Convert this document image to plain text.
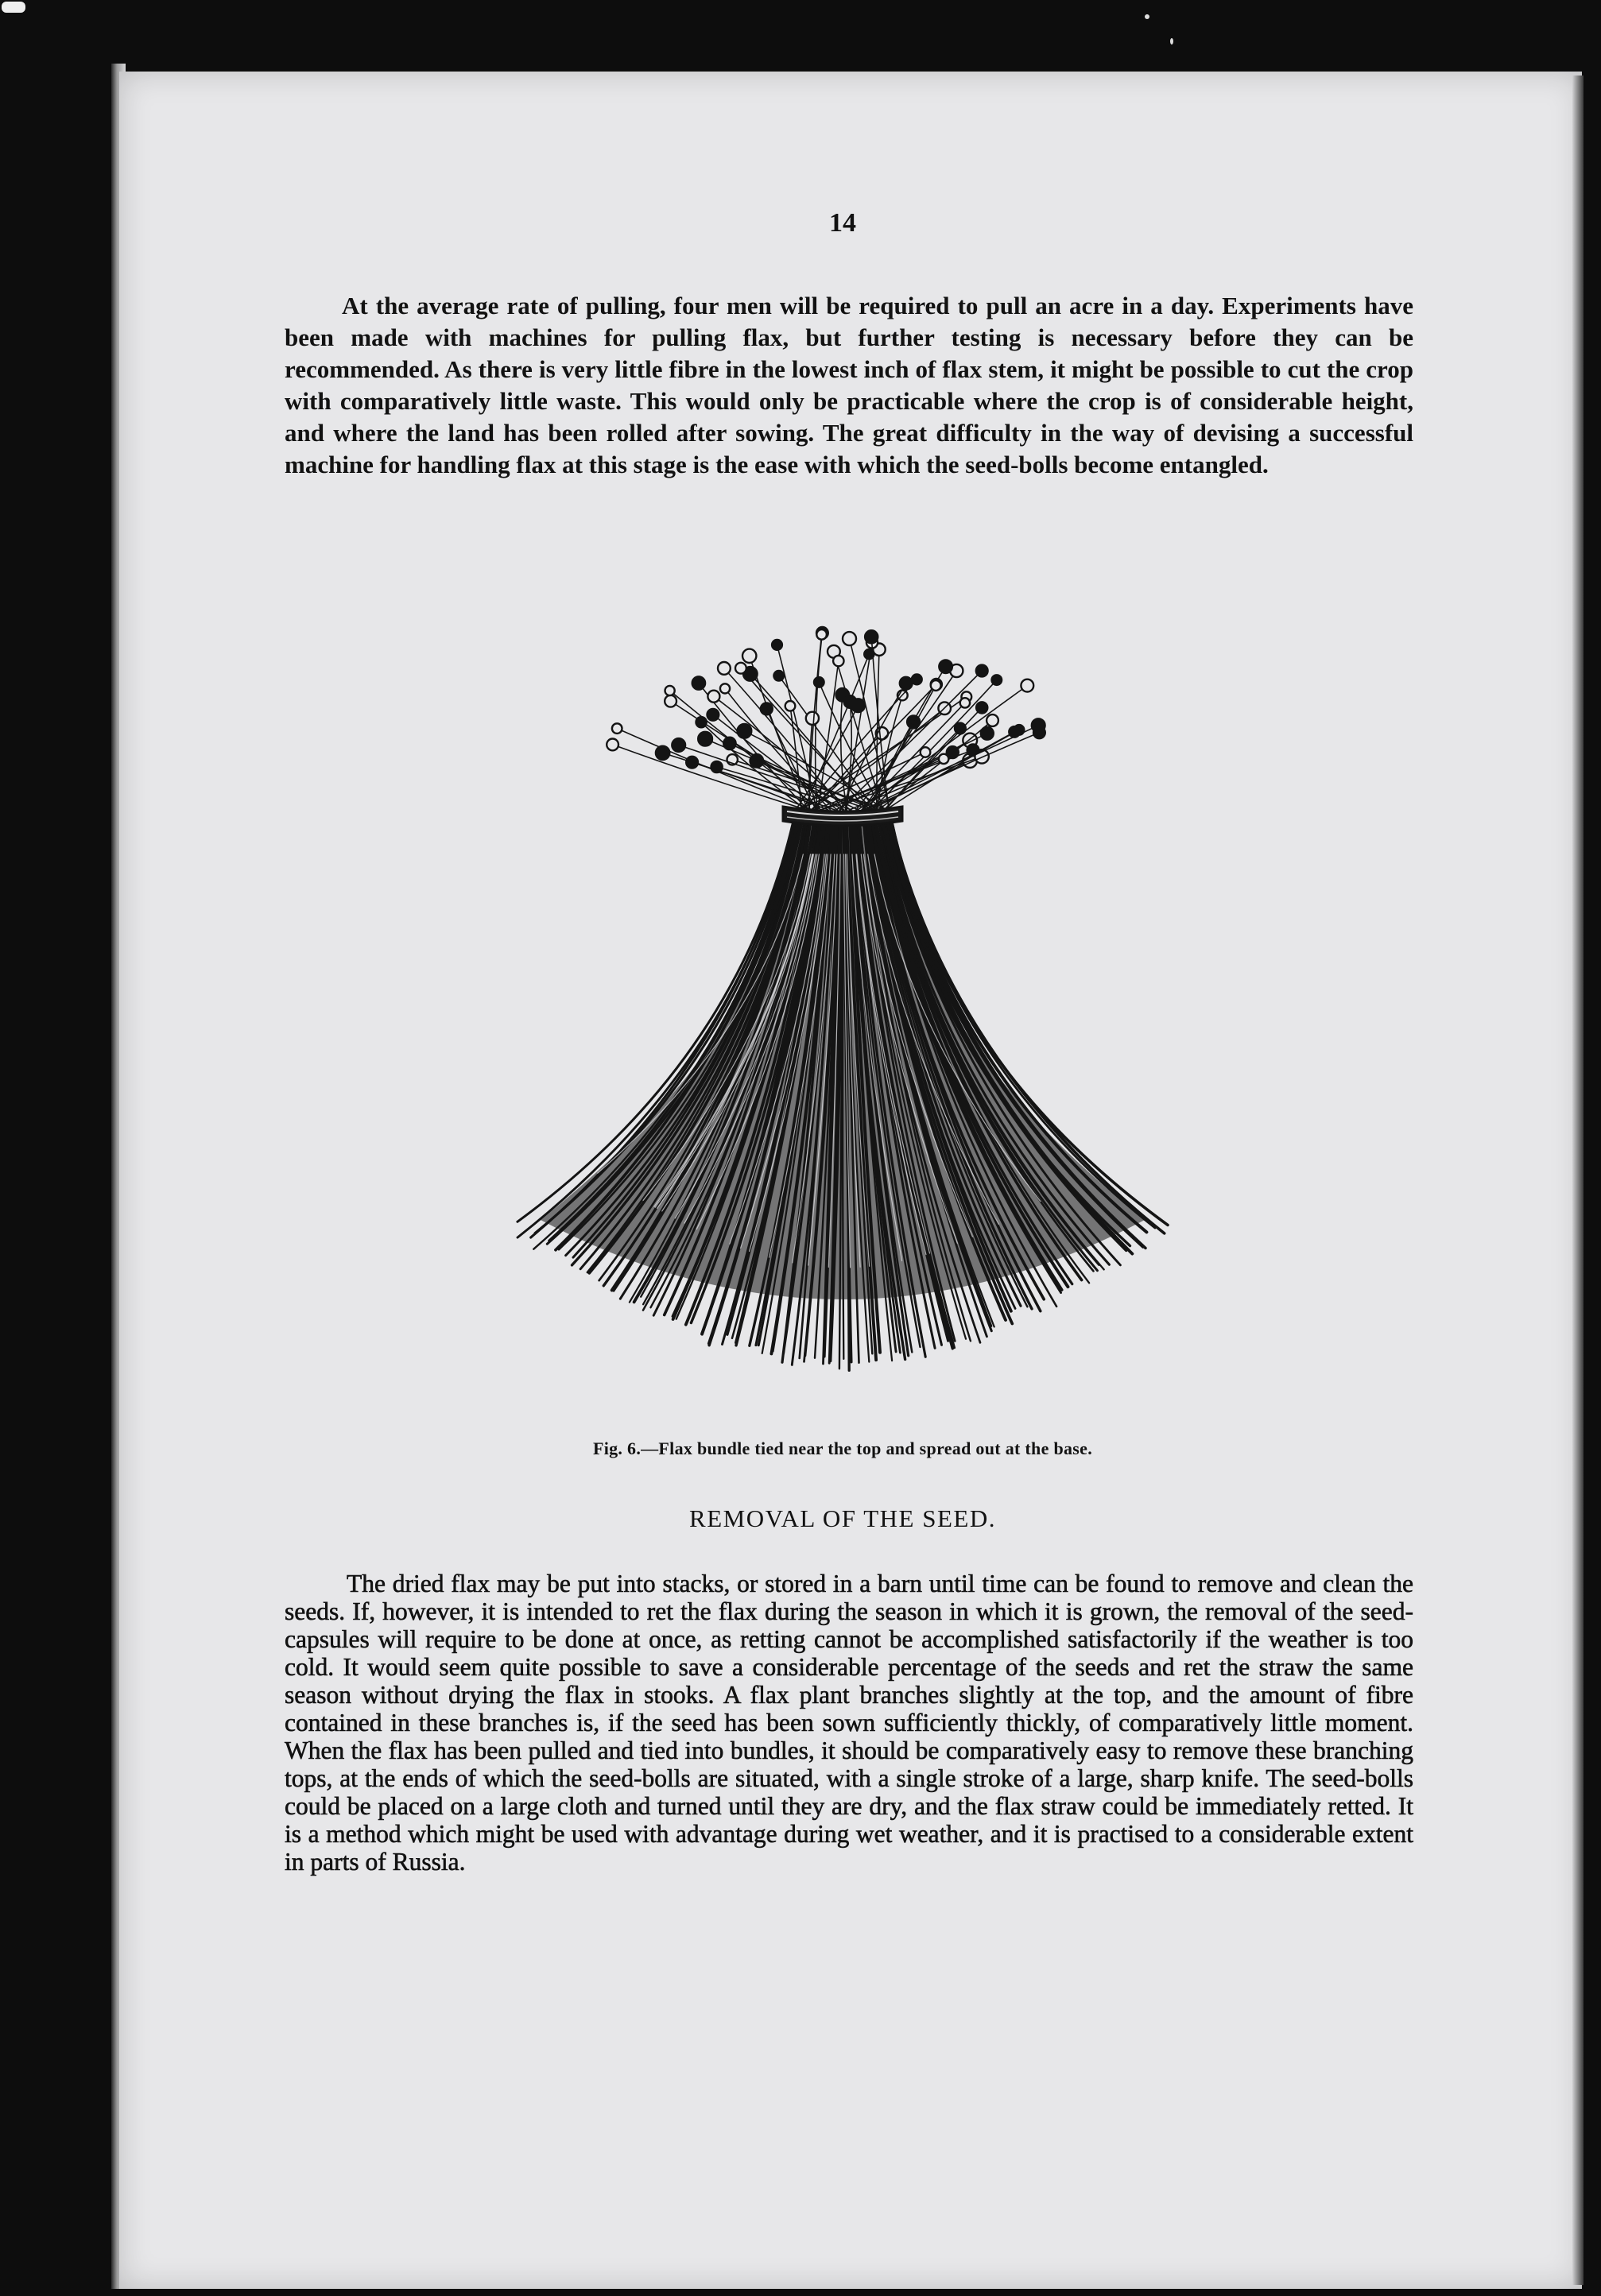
14

At the average rate of pulling, four men will be required to pull an acre in a day. Experiments have been made with machines for pulling flax, but further testing is necessary before they can be recommended. As there is very little fibre in the lowest inch of flax stem, it might be possible to cut the crop with comparatively little waste. This would only be practicable where the crop is of considerable height, and where the land has been rolled after sowing. The great difficulty in the way of devising a successful machine for handling flax at this stage is the ease with which the seed-bolls become entangled.

Fig. 6.—Flax bundle tied near the top and spread out at the base.
REMOVAL OF THE SEED.

The dried flax may be put into stacks, or stored in a barn until time can be found to remove and clean the seeds. If, however, it is intended to ret the flax during the season in which it is grown, the removal of the seed-capsules will require to be done at once, as retting cannot be accomplished satisfactorily if the weather is too cold. It would seem quite possible to save a considerable percentage of the seeds and ret the straw the same season without drying the flax in stooks. A flax plant branches slightly at the top, and the amount of fibre contained in these branches is, if the seed has been sown sufficiently thickly, of comparatively little moment. When the flax has been pulled and tied into bundles, it should be comparatively easy to remove these branching tops, at the ends of which the seed-bolls are situated, with a single stroke of a large, sharp knife. The seed-bolls could be placed on a large cloth and turned until they are dry, and the flax straw could be immediately retted. It is a method which might be used with advantage during wet weather, and it is practised to a considerable extent in parts of Russia.
